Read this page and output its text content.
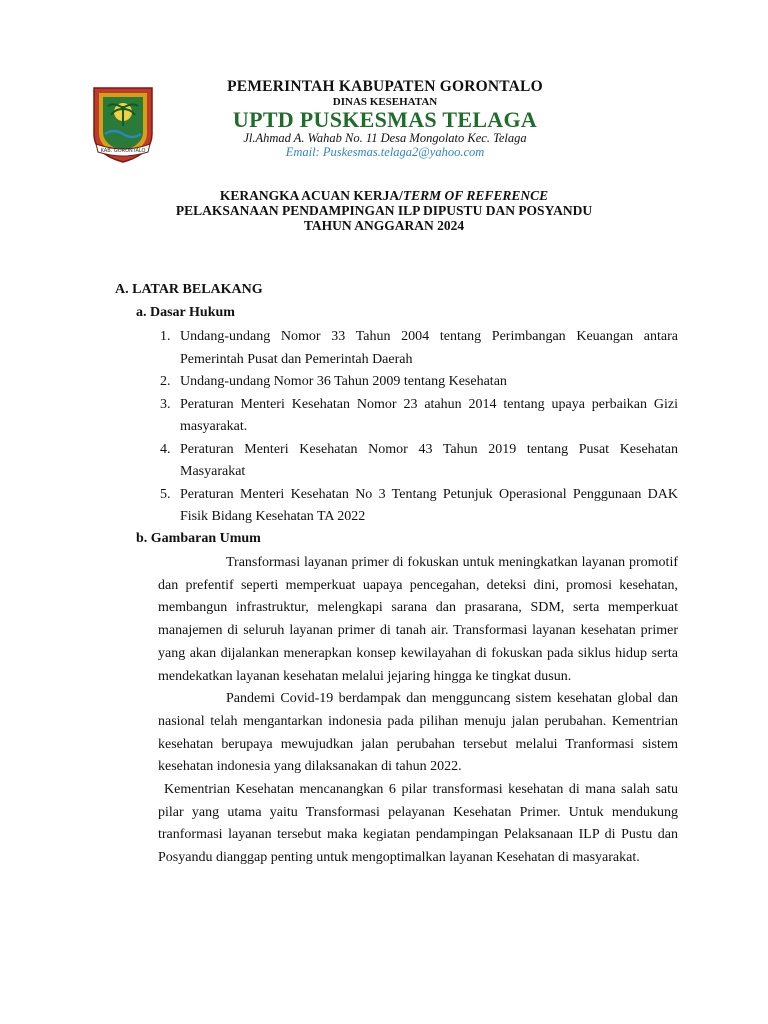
KAB. GORONTALO
PEMERINTAH KABUPATEN GORONTALO
DINAS KESEHATAN
UPTD PUSKESMAS TELAGA
Jl.Ahmad A. Wahab No. 11 Desa Mongolato Kec. Telaga
Email: Puskesmas.telaga2@yahoo.com
KERANGKA ACUAN KERJA/TERM OF REFERENCE
PELAKSANAAN PENDAMPINGAN ILP DIPUSTU DAN POSYANDU
TAHUN ANGGARAN 2024
A. LATAR BELAKANG
a. Dasar Hukum
1. Undang-undang Nomor 33 Tahun 2004 tentang Perimbangan Keuangan antara Pemerintah Pusat dan Pemerintah Daerah
2. Undang-undang Nomor 36 Tahun 2009 tentang Kesehatan
3. Peraturan Menteri Kesehatan Nomor 23 atahun 2014 tentang upaya perbaikan Gizi masyarakat.
4. Peraturan Menteri Kesehatan Nomor 43 Tahun 2019 tentang Pusat Kesehatan Masyarakat
5. Peraturan Menteri Kesehatan No 3 Tentang Petunjuk Operasional Penggunaan DAK Fisik Bidang Kesehatan TA 2022
b. Gambaran Umum

Transformasi layanan primer di fokuskan untuk meningkatkan layanan promotif dan prefentif seperti memperkuat uapaya pencegahan, deteksi dini, promosi kesehatan, membangun infrastruktur, melengkapi sarana dan prasarana, SDM, serta memperkuat manajemen di seluruh layanan primer di tanah air. Transformasi layanan kesehatan primer yang akan dijalankan menerapkan konsep kewilayahan di fokuskan pada siklus hidup serta mendekatkan layanan kesehatan melalui jejaring hingga ke tingkat dusun.

Pandemi Covid-19 berdampak dan mengguncang sistem kesehatan global dan nasional telah mengantarkan indonesia pada pilihan menuju jalan perubahan. Kementrian kesehatan berupaya mewujudkan jalan perubahan tersebut melalui Tranformasi sistem kesehatan indonesia yang dilaksanakan di tahun 2022.

Kementrian Kesehatan mencanangkan 6 pilar transformasi kesehatan di mana salah satu pilar yang utama yaitu Transformasi pelayanan Kesehatan Primer. Untuk mendukung tranformasi layanan tersebut maka kegiatan pendampingan Pelaksanaan ILP di Pustu dan Posyandu dianggap penting untuk mengoptimalkan layanan Kesehatan di masyarakat.
